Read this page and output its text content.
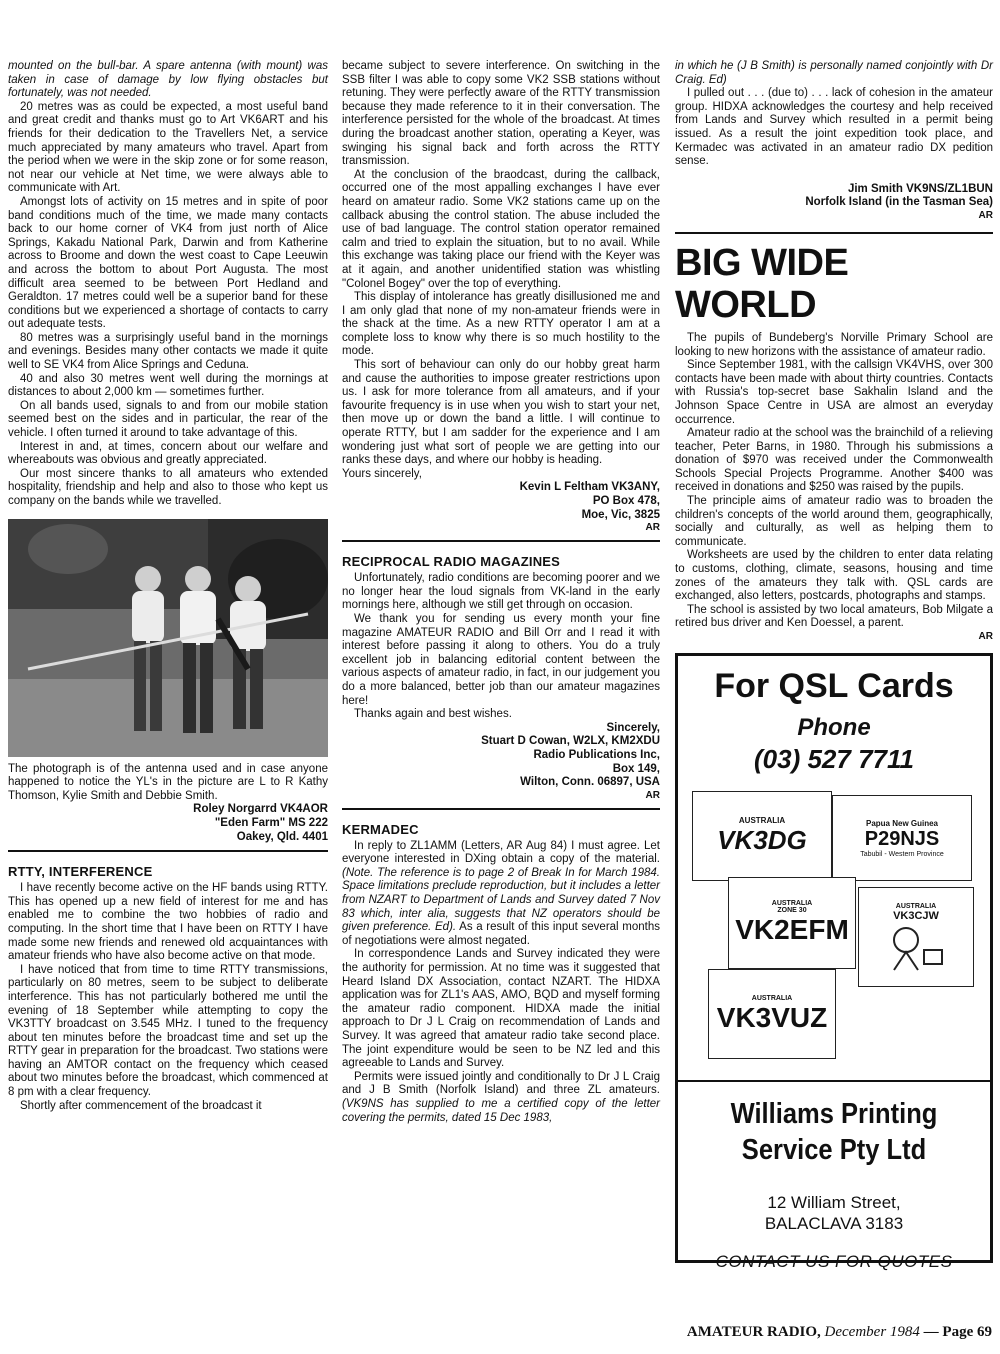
mounted on the bull-bar. A spare antenna (with mount) was taken in case of damage by low flying obstacles but fortunately, was not needed.

20 metres was as could be expected, a most useful band and great credit and thanks must go to Art VK6ART and his friends for their dedication to the Travellers Net, a service much appreciated by many amateurs who travel. Apart from the period when we were in the skip zone or for some reason, not near our vehicle at Net time, we were always able to communicate with Art.

Amongst lots of activity on 15 metres and in spite of poor band conditions much of the time, we made many contacts back to our home corner of VK4 from just north of Alice Springs, Kakadu National Park, Darwin and from Katherine across to Broome and down the west coast to Cape Leeuwin and across the bottom to about Port Augusta. The most difficult area seemed to be between Port Hedland and Geraldton. 17 metres could well be a superior band for these conditions but we experienced a shortage of contacts to carry out adequate tests.

80 metres was a surprisingly useful band in the mornings and evenings. Besides many other contacts we made it quite well to SE VK4 from Alice Springs and Ceduna.

40 and also 30 metres went well during the mornings at distances to about 2,000 km — sometimes further.

On all bands used, signals to and from our mobile station seemed best on the sides and in particular, the rear of the vehicle. I often turned it around to take advantage of this.

Interest in and, at times, concern about our welfare and whereabouts was obvious and greatly appreciated.

Our most sincere thanks to all amateurs who extended hospitality, friendship and help and also to those who kept us company on the bands while we travelled.

The photograph is of the antenna used and in case anyone happened to notice the YL's in the picture are L to R Kathy Thomson, Kylie Smith and Debbie Smith.

Roley Norgarrd VK4AOR
"Eden Farm" MS 222
Oakey, Qld. 4401
RTTY, INTERFERENCE

I have recently become active on the HF bands using RTTY. This has opened up a new field of interest for me and has enabled me to combine the two hobbies of radio and computing. In the short time that I have been on RTTY I have made some new friends and renewed old acquaintances with amateur friends who have also become active on that mode.

I have noticed that from time to time RTTY transmissions, particularly on 80 metres, seem to be subject to deliberate interference. This has not particularly bothered me until the evening of 18 September while attempting to copy the VK3TTY broadcast on 3.545 MHz. I tuned to the frequency about ten minutes before the broadcast time and set up the RTTY gear in preparation for the broadcast. Two stations were having an AMTOR contact on the frequency which ceased about two minutes before the broadcast, which commenced at 8 pm with a clear frequency.

Shortly after commencement of the broadcast it

became subject to severe interference. On switching in the SSB filter I was able to copy some VK2 SSB stations without retuning. They were perfectly aware of the RTTY transmission because they made reference to it in their conversation. The interference persisted for the whole of the broadcast. At times during the broadcast another station, operating a Keyer, was swinging his signal back and forth across the RTTY transmission.

At the conclusion of the braodcast, during the callback, occurred one of the most appalling exchanges I have ever heard on amateur radio. Some VK2 stations came up on the callback abusing the control station. The abuse included the use of bad language. The control station operator remained calm and tried to explain the situation, but to no avail. While this exchange was taking place our friend with the Keyer was at it again, and another unidentified station was whistling "Colonel Bogey" over the top of everything.

This display of intolerance has greatly disillusioned me and I am only glad that none of my non-amateur friends were in the shack at the time. As a new RTTY operator I am at a complete loss to know why there is so much hostility to the mode.

This sort of behaviour can only do our hobby great harm and cause the authorities to impose greater restrictions upon us. I ask for more tolerance from all amateurs, and if your favourite frequency is in use when you wish to start your net, then move up or down the band a little. I will continue to operate RTTY, but I am sadder for the experience and I am wondering just what sort of people we are getting into our ranks these days, and where our hobby is heading.

Yours sincerely,

Kevin L Feltham VK3ANY,
PO Box 478,
Moe, Vic, 3825
AR
RECIPROCAL RADIO MAGAZINES

Unfortunately, radio conditions are becoming poorer and we no longer hear the loud signals from VK-land in the early mornings here, although we still get through on occasion.

We thank you for sending us every month your fine magazine AMATEUR RADIO and Bill Orr and I read it with interest before passing it along to others. You do a truly excellent job in balancing editorial content between the various aspects of amateur radio, in fact, in our judgement you do a more balanced, better job than our amateur magazines here!

Thanks again and best wishes.

Sincerely,
Stuart D Cowan, W2LX, KM2XDU
Radio Publications Inc,
Box 149,
Wilton, Conn. 06897, USA
AR
KERMADEC

In reply to ZL1AMM (Letters, AR Aug 84) I must agree. Let everyone interested in DXing obtain a copy of the material. (Note. The reference is to page 2 of Break In for March 1984. Space limitations preclude reproduction, but it includes a letter from NZART to Department of Lands and Survey dated 7 Nov 83 which, inter alia, suggests that NZ operators should be given preference. Ed). As a result of this input several months of negotiations were almost negated.

In correspondence Lands and Survey indicated they were the authority for permission. At no time was it suggested that Heard Island DX Association, contact NZART. The HIDXA application was for ZL1's AAS, AMO, BQD and myself forming the amateur radio component. HIDXA made the initial approach to Dr J L Craig on recommendation of Lands and Survey. It was agreed that amateur radio take second place. The joint expenditure would be seen to be NZ led and this agreeable to Lands and Survey.

Permits were issued jointly and conditionally to Dr J L Craig and J B Smith (Norfolk Island) and three ZL amateurs. (VK9NS has supplied to me a certified copy of the letter covering the permits, dated 15 Dec 1983,

in which he (J B Smith) is personally named conjointly with Dr Craig. Ed)

I pulled out . . . (due to) . . . lack of cohesion in the amateur group. HIDXA acknowledges the courtesy and help received from Lands and Survey which resulted in a permit being issued. As a result the joint expedition took place, and Kermadec was activated in an amateur radio DX pedition sense.

Jim Smith VK9NS/ZL1BUN
Norfolk Island (in the Tasman Sea)
AR
BIG WIDE WORLD

The pupils of Bundeberg's Norville Primary School are looking to new horizons with the assistance of amateur radio.

Since September 1981, with the callsign VK4VHS, over 300 contacts have been made with about thirty countries. Contacts with Russia's top-secret base Sakhalin Island and the Johnson Space Centre in USA are almost an everyday occurrence.

Amateur radio at the school was the brainchild of a relieving teacher, Peter Barns, in 1980. Through his submissions a donation of $970 was received under the Commonwealth Schools Special Projects Programme. Another $400 was received in donations and $250 was raised by the pupils.

The principle aims of amateur radio was to broaden the children's concepts of the world around them, geographically, socially and culturally, as well as helping them to communicate.

Worksheets are used by the children to enter data relating to customs, clothing, climate, seasons, housing and time zones of the amateurs they talk with. QSL cards are exchanged, also letters, postcards, photographs and stamps.

The school is assisted by two local amateurs, Bob Milgate a retired bus driver and Ken Doessel, a parent.

AR
For QSL Cards
Phone
(03) 527 7711
AUSTRALIA
VK3DG
Papua New Guinea
P29NJS
Tabubil - Western Province
AUSTRALIA
ZONE 30
VK2EFM
AUSTRALIA
VK3CJW
AUSTRALIA
VK3VUZ
Williams Printing
Service Pty Ltd
12 William Street,
BALACLAVA 3183
CONTACT US FOR QUOTES
AMATEUR RADIO, December 1984 — Page 69
